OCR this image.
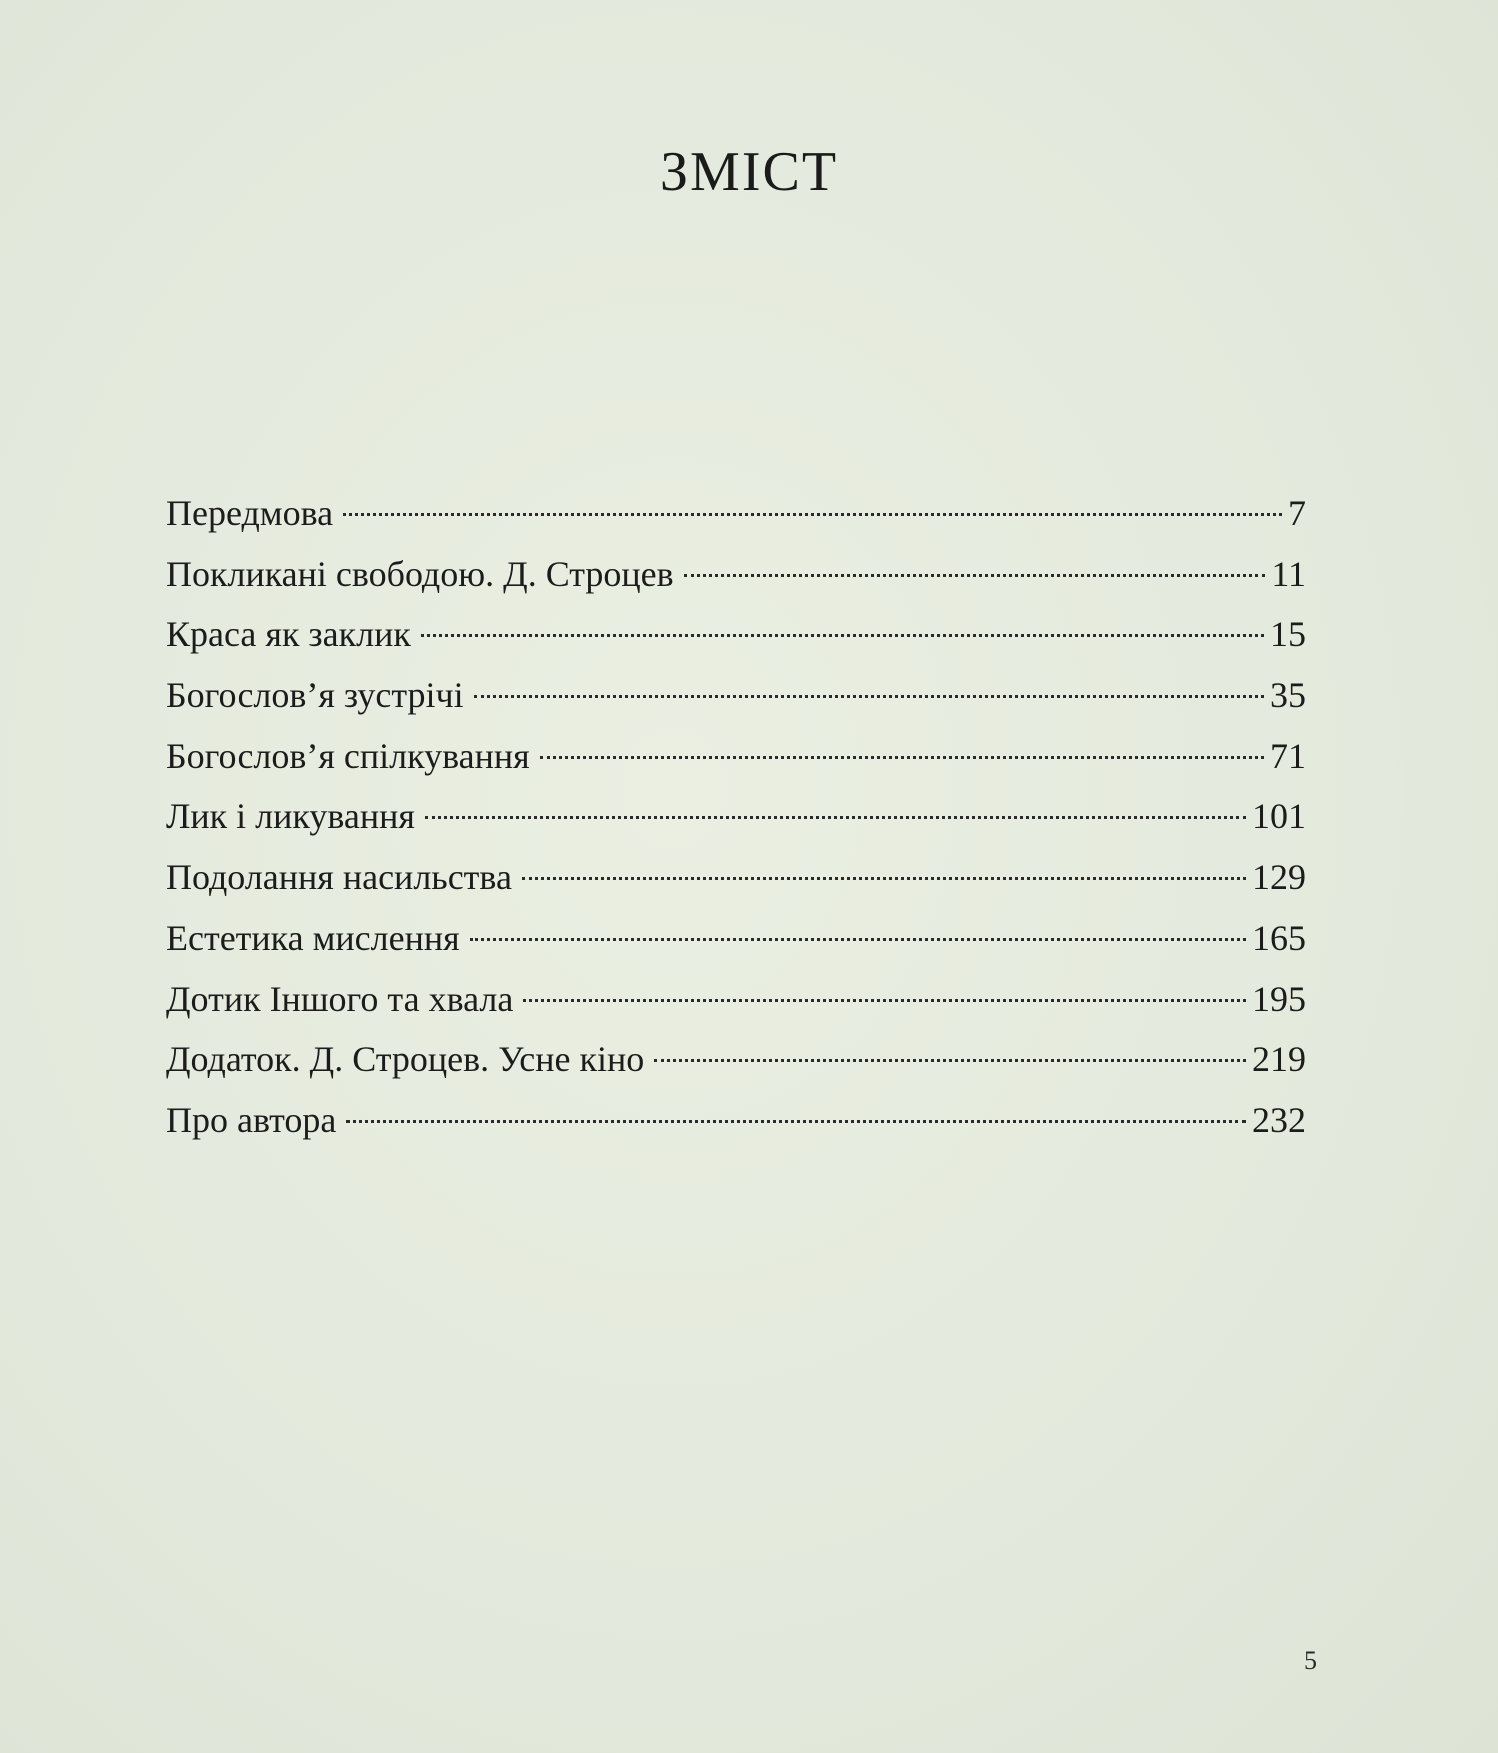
ЗМІСТ
Передмова	7
Покликані свободою. Д. Строцев	11
Краса як заклик	15
Богослов’я зустрічі	35
Богослов’я спілкування	71
Лик і ликування	101
Подолання насильства	129
Естетика мислення	165
Дотик Іншого та хвала	195
Додаток. Д. Строцев. Усне кіно	219
Про автора	232
5
